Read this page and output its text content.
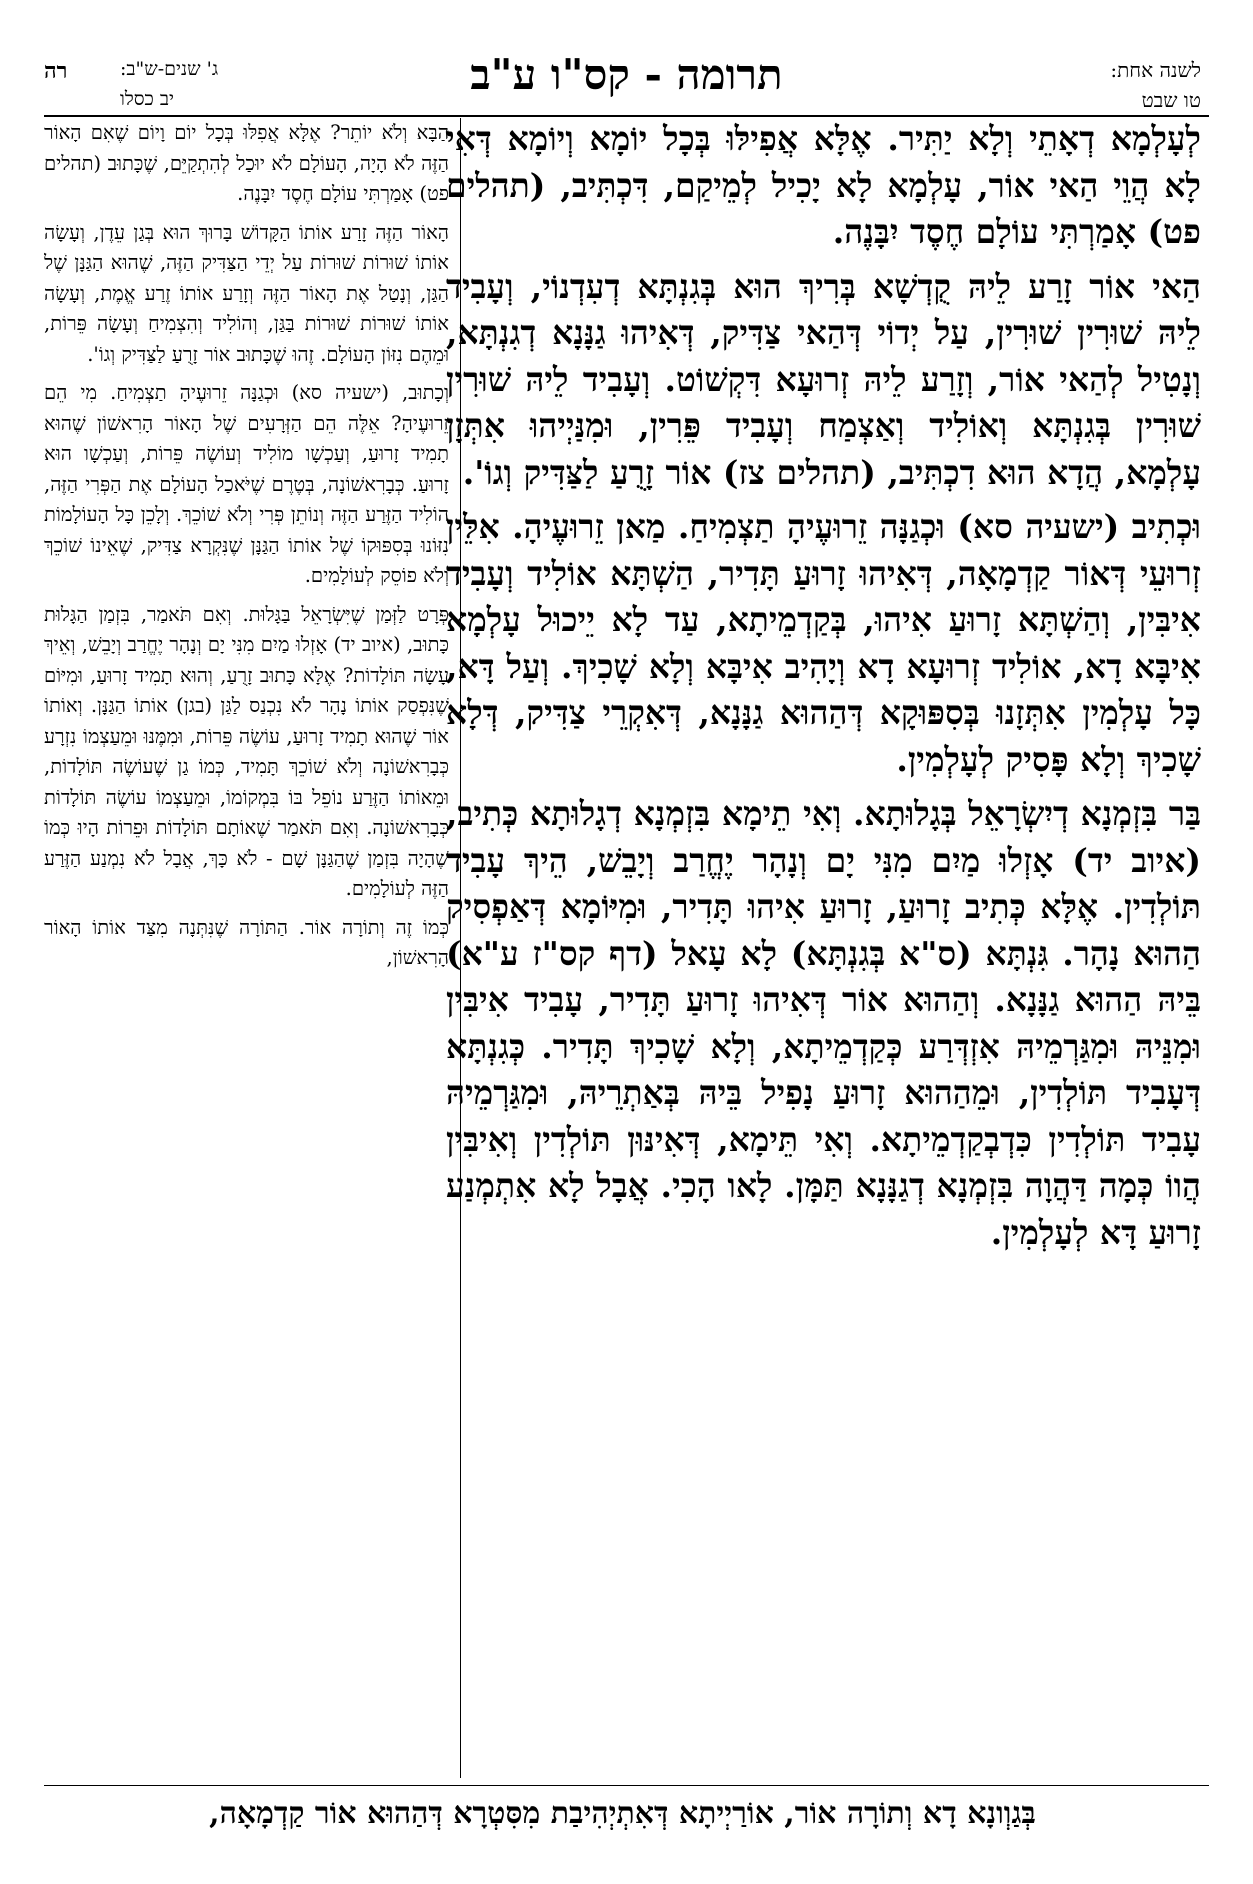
לשנה אחת:
טו שבט
תרומה - קס"ו ע"ב
ג' שנים-ש"ב:
יב כסלו
רה

לְעָלְמָא דְאָתֵי וְלָא יַתִּיר. אֶלָּא אֲפִילּוּ בְּכָל יוֹמָא וְיוֹמָא דְּאִי לָא הֲוֵי הַאי אוֹר, עָלְמָא לָא יָכִיל לְמֵיקַם, דִּכְתִּיב, (תהלים פט) אָמַרְתִּי עוֹלָם חֶסֶד יִבָּנֶה.

הַאי אוֹר זָרַע לֵיהּ קֻדְשָׁא בְּרִיךְ הוּא בְּגִנְתָּא דְעִדְנוֹי, וְעָבִיד לֵיהּ שׁוּרִין שׁוּרִין, עַל יְדוֹי דְּהַאי צַדִּיק, דְּאִיהוּ גַנָּנָא דְגִנְתָּא, וְנָטִיל לְהַאי אוֹר, וְזָרַע לֵיהּ זְרוּעָא דִּקְשׁוֹט. וְעָבִיד לֵיהּ שׁוּרִין שׁוּרִין בְּגִנְתָּא וְאוֹלִיד וְאַצְמַח וְעָבִיד פֵּרִין, וּמִנַּיְיהוּ אִתְּזָן עָלְמָא, הֲדָא הוּא דִכְתִּיב, (תהלים צז) אוֹר זָרֻעַ לַצַּדִּיק וְגוֹ'.

וּכְתִיב (ישעיה סא) וּכְגַנָּה זֵרוּעֶיהָ תַצְמִיחַ. מַאן זֵרוּעֶיהָ. אִלֵּין זְרוּעֵי דְּאוֹר קַדְמָאָה, דְּאִיהוּ זָרוּעַ תָּדִיר, הַשְׁתָּא אוֹלִיד וְעָבִיד אִיבִּין, וְהַשְׁתָּא זָרוּעַ אִיהוּ, בְּקַדְמֵיתָא, עַד לָא יֵיכוּל עָלְמָא אִיבָּא דָא, אוֹלִיד זְרוּעָא דָא וְיָהִיב אִיבָּא וְלָא שָׁכִיךְ. וְעַל דָּא, כָּל עָלְמִין אִתְּזָנוּ בְּסִפּוּקָא דְּהַהוּא גַנָּנָא, דְּאִקְרֵי צַדִּיק, דְּלָא שָׁכִיךְ וְלָא פָּסִיק לְעָלְמִין.

בַּר בִּזְמְנָא דְיִשְׂרָאֵל בְּגָלוּתָא. וְאִי תֵימָא בִּזְמְנָא דְגָלוּתָא כְּתִיב, (איוב יד) אָזְלוּ מַיִם מִנִּי יָם וְנָהָר יֶחֱרַב וְיָבֵשׁ, הֵיךְ עָבִיד תּוֹלְדִין. אֶלָּא כְּתִיב זָרוּעַ, זָרוּעַ אִיהוּ תָּדִיר, וּמִיּוֹמָא דְּאַפְסִיק הַהוּא נָהָר. גִּנְתָּא (ס"א בְּגִנְתָּא) לָא עָאל (דף קס"ז ע"א) בֵּיהּ הַהוּא גַנָּנָא. וְהַהוּא אוֹר דְּאִיהוּ זָרוּעַ תָּדִיר, עָבִיד אִיבִּין וּמִנֵּיהּ וּמִגַּרְמֵיהּ אִזְדְּרַע כְּקַדְמֵיתָא, וְלָא שָׁכִיךְ תָּדִיר. כְּגִנְתָּא דְּעָבִיד תּוֹלְדִין, וּמֵהַהוּא זָרוּעַ נָפִיל בֵּיהּ בְּאַתְרֵיהּ, וּמִגַּרְמֵיהּ עָבִיד תּוֹלְדִין כִּדְבְקַדְמֵיתָא. וְאִי תֵּימָא, דְּאִינּוּן תּוֹלְדִין וְאִיבִּין הֲווֹ כְּמָה דַּהֲוָה בִּזְמְנָא דְגַנָּנָא תַּמָּן. לָאו הָכִי. אֲבָל לָא אִתְמְנַע זָרוּעַ דָּא לְעָלְמִין.

הַבָּא וְלֹא יוֹתֵר? אֶלָּא אֲפִלּוּ בְּכָל יוֹם וָיוֹם שֶׁאִם הָאוֹר הַזֶּה לֹא הָיָה, הָעוֹלָם לֹא יוּכַל לְהִתְקַיֵּם, שֶׁכָּתוּב (תהלים פט) אָמַרְתִּי עוֹלָם חֶסֶד יִבָּנֶה.

הָאוֹר הַזֶּה זָרַע אוֹתוֹ הַקָּדוֹשׁ בָּרוּךְ הוּא בְּגַן עֵדֶן, וְעָשָׂה אוֹתוֹ שׁוּרוֹת שׁוּרוֹת עַל יְדֵי הַצַּדִּיק הַזֶּה, שֶׁהוּא הַגַּנָּן שֶׁל הַגַּן, וְנָטַל אֶת הָאוֹר הַזֶּה וְזָרַע אוֹתוֹ זֶרַע אֱמֶת, וְעָשָׂה אוֹתוֹ שׁוּרוֹת שׁוּרוֹת בַּגַּן, וְהוֹלִיד וְהִצְמִיחַ וְעָשָׂה פֵּרוֹת, וּמֵהֶם נִזּוֹן הָעוֹלָם. זֶהוּ שֶׁכָּתוּב אוֹר זָרֻעַ לַצַּדִּיק וְגוֹ'.

וְכָתוּב, (ישעיה סא) וּכְגַנָּה זֵרוּעֶיהָ תַצְמִיחַ. מִי הֵם זֵרוּעֶיהָ? אֵלֶּה הֵם הַזְּרָעִים שֶׁל הָאוֹר הָרִאשׁוֹן שֶׁהוּא תָמִיד זָרוּעַ, וְעַכְשָׁו מוֹלִיד וְעוֹשֶׂה פֵּרוֹת, וְעַכְשָׁו הוּא זָרוּעַ. כְּבָרִאשׁוֹנָה, בְּטֶרֶם שֶׁיֹּאכַל הָעוֹלָם אֶת הַפְּרִי הַזֶּה, הוֹלִיד הַזֶּרַע הַזֶּה וְנוֹתֵן פְּרִי וְלֹא שׁוֹכֵךְ. וְלָכֵן כָּל הָעוֹלָמוֹת נִזּוֹנוּ בְּסִפּוּקוֹ שֶׁל אוֹתוֹ הַגַּנָּן שֶׁנִּקְרָא צַדִּיק, שֶׁאֵינוֹ שׁוֹכֵךְ וְלֹא פוֹסֵק לְעוֹלָמִים.

פְּרָט לַזְּמַן שֶׁיִּשְׂרָאֵל בַּגָּלוּת. וְאִם תֹּאמַר, בִּזְמַן הַגָּלוּת כָּתוּב, (איוב יד) אָזְלוּ מַיִם מִנִּי יָם וְנָהָר יֶחֱרַב וְיָבֵשׁ, וְאֵיךְ עָשָׂה תּוֹלָדוֹת? אֶלָּא כָּתוּב זָרֻעַ, וְהוּא תָמִיד זָרוּעַ, וּמִיּוֹם שֶׁנִּפְסַק אוֹתוֹ נָהָר לֹא נִכְנַס לַגַּן (בגן) אוֹתוֹ הַגַּנָּן. וְאוֹתוֹ אוֹר שֶׁהוּא תָמִיד זָרוּעַ, עוֹשֶׂה פֵּרוֹת, וּמִמֶּנּוּ וּמֵעַצְמוֹ נִזְרָע כְּבָרִאשׁוֹנָה וְלֹא שׁוֹכֵךְ תָּמִיד, כְּמוֹ גַן שֶׁעוֹשֶׂה תּוֹלָדוֹת, וּמֵאוֹתוֹ הַזֶּרַע נוֹפֵל בּוֹ בִּמְקוֹמוֹ, וּמֵעַצְמוֹ עוֹשֶׂה תּוֹלָדוֹת כְּבָרִאשׁוֹנָה. וְאִם תֹּאמַר שֶׁאוֹתָם תּוֹלָדוֹת וּפֵרוֹת הָיוּ כְּמוֹ שֶׁהָיָה בִּזְמַן שֶׁהַגַּנָּן שָׁם - לֹא כָּךְ, אֲבָל לֹא נִמְנַע הַזֶּרַע הַזֶּה לְעוֹלָמִים.

כְּמוֹ זֶה וְתוֹרָה אוֹר. הַתּוֹרָה שֶׁנִּתְּנָה מִצַּד אוֹתוֹ הָאוֹר הָרִאשׁוֹן,

בְּגַוְונָא דָא וְתוֹרָה אוֹר, אוֹרַיְיתָא דְּאִתְיְהִיבַת מִסִּטְרָא דְּהַהוּא אוֹר קַדְמָאָה,
